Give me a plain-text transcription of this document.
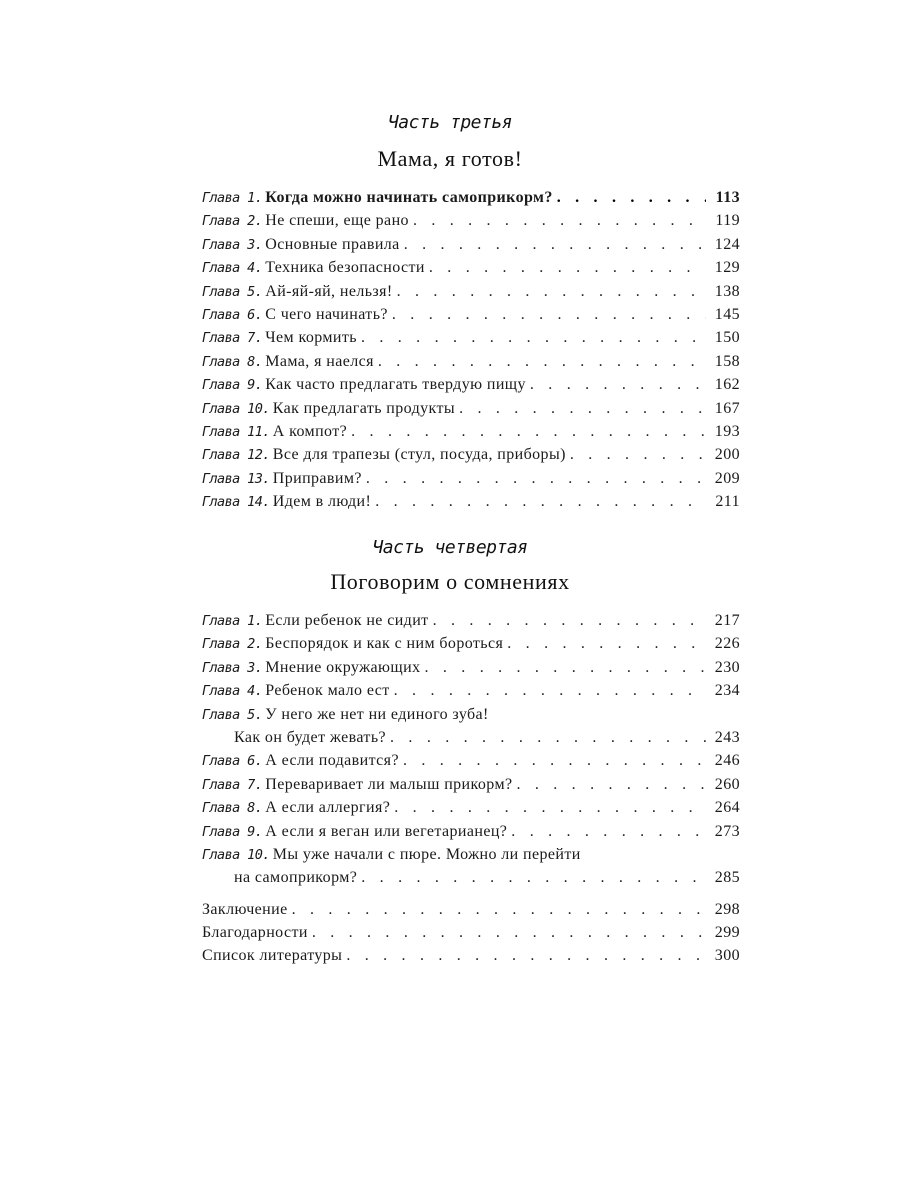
Часть третья
Мама, я готов!
Глава 1. Когда можно начинать самоприкорм? . . .	113
Глава 2. Не спеши, еще рано . . .	119
Глава 3. Основные правила . . .	124
Глава 4. Техника безопасности . . .	129
Глава 5. Ай-яй-яй, нельзя! . . .	138
Глава 6. С чего начинать? . . .	145
Глава 7. Чем кормить . . .	150
Глава 8. Мама, я наелся . . .	158
Глава 9. Как часто предлагать твердую пищу . . .	162
Глава 10. Как предлагать продукты . . .	167
Глава 11. А компот? . . .	193
Глава 12. Все для трапезы (стул, посуда, приборы) . . .	200
Глава 13. Приправим? . . .	209
Глава 14. Идем в люди! . . .	211
Часть четвертая
Поговорим о сомнениях
Глава 1. Если ребенок не сидит . . .	217
Глава 2. Беспорядок и как с ним бороться . . .	226
Глава 3. Мнение окружающих . . .	230
Глава 4. Ребенок мало ест . . .	234
Глава 5. У него же нет ни единого зуба!
Как он будет жевать? . . .	243
Глава 6. А если подавится? . . .	246
Глава 7. Переваривает ли малыш прикорм? . . .	260
Глава 8. А если аллергия? . . .	264
Глава 9. А если я веган или вегетарианец? . . .	273
Глава 10. Мы уже начали с пюре. Можно ли перейти
на самоприкорм? . . .	285
Заключение . . .	298
Благодарности . . .	299
Список литературы . . .	300
